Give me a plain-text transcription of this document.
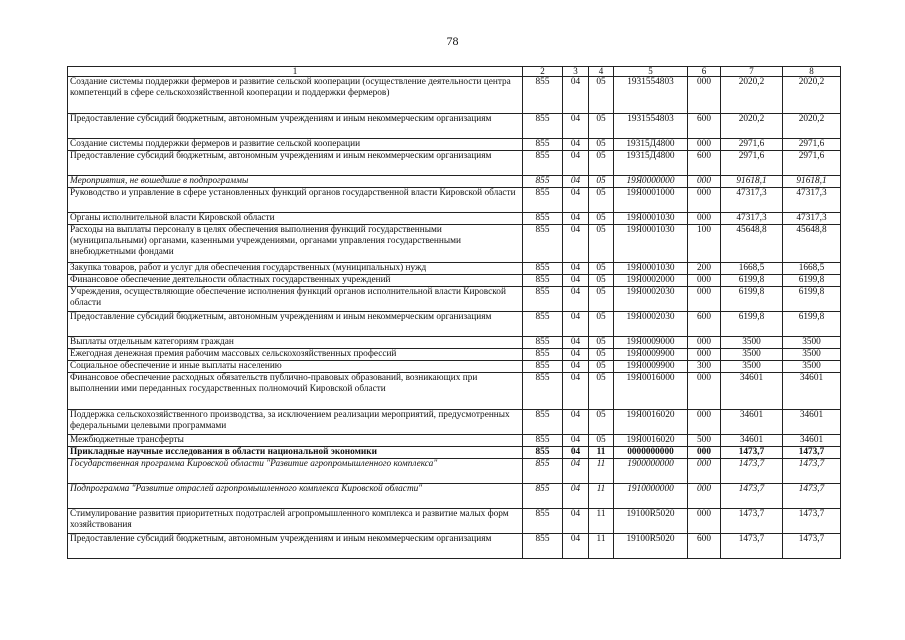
78
1	2	3	4	5	6	7	8
Создание системы поддержки фермеров и развитие сельской кооперации (осуществление деятельности центра компетенций в сфере сельскохозяйственной кооперации и поддержки фермеров)	855	04	05	1931554803	000	2020,2	2020,2
Предоставление субсидий бюджетным, автономным учреждениям и иным некоммерческим организациям	855	04	05	1931554803	600	2020,2	2020,2
Создание системы поддержки фермеров и развитие сельской кооперации	855	04	05	19315Д4800	000	2971,6	2971,6
Предоставление субсидий бюджетным, автономным учреждениям и иным некоммерческим организациям	855	04	05	19315Д4800	600	2971,6	2971,6
Мероприятия, не вошедшие в подпрограммы	855	04	05	19Я0000000	000	91618,1	91618,1
Руководство и управление в сфере установленных функций органов государственной власти Кировской области	855	04	05	19Я0001000	000	47317,3	47317,3
Органы исполнительной власти Кировской области	855	04	05	19Я0001030	000	47317,3	47317,3
Расходы на выплаты персоналу в целях обеспечения выполнения функций государственными (муниципальными) органами, казенными учреждениями, органами управления государственными внебюджетными фондами	855	04	05	19Я0001030	100	45648,8	45648,8
Закупка товаров, работ и услуг для обеспечения государственных (муниципальных) нужд	855	04	05	19Я0001030	200	1668,5	1668,5
Финансовое обеспечение деятельности областных государственных учреждений	855	04	05	19Я0002000	000	6199,8	6199,8
Учреждения, осуществляющие обеспечение исполнения функций органов исполнительной власти Кировской области	855	04	05	19Я0002030	000	6199,8	6199,8
Предоставление субсидий бюджетным, автономным учреждениям и иным некоммерческим организациям	855	04	05	19Я0002030	600	6199,8	6199,8
Выплаты отдельным категориям граждан	855	04	05	19Я0009000	000	3500	3500
Ежегодная денежная премия рабочим массовых сельскохозяйственных профессий	855	04	05	19Я0009900	000	3500	3500
Социальное обеспечение и иные выплаты населению	855	04	05	19Я0009900	300	3500	3500
Финансовое обеспечение расходных обязательств публично-правовых образований, возникающих при выполнении ими переданных государственных полномочий Кировской области	855	04	05	19Я0016000	000	34601	34601
Поддержка сельскохозяйственного производства, за исключением реализации мероприятий, предусмотренных федеральными целевыми программами	855	04	05	19Я0016020	000	34601	34601
Межбюджетные трансферты	855	04	05	19Я0016020	500	34601	34601
Прикладные научные исследования в области национальной экономики	855	04	11	0000000000	000	1473,7	1473,7
Государственная программа Кировской области "Развитие агропромышленного комплекса"	855	04	11	1900000000	000	1473,7	1473,7
Подпрограмма "Развитие отраслей агропромышленного комплекса Кировской области"	855	04	11	1910000000	000	1473,7	1473,7
Стимулирование развития приоритетных подотраслей агропромышленного комплекса и развитие малых форм хозяйствования	855	04	11	19100R5020	000	1473,7	1473,7
Предоставление субсидий бюджетным, автономным учреждениям и иным некоммерческим организациям	855	04	11	19100R5020	600	1473,7	1473,7
